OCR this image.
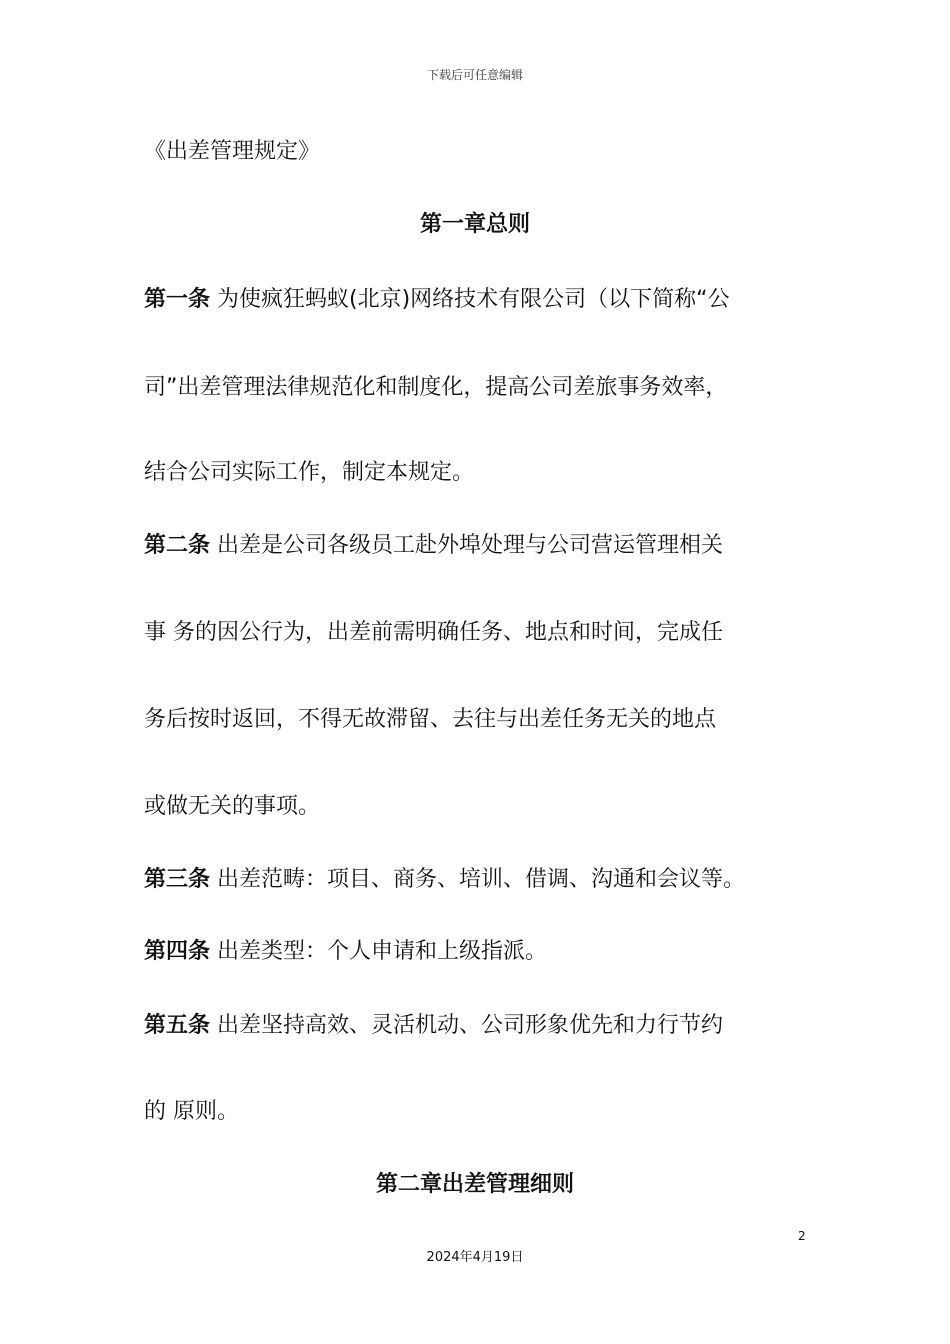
下载后可任意编辑
《出差管理规定》
第一章总则
第一条 为使疯狂蚂蚁(北京)网络技术有限公司（以下简称“公
司”出差管理法律规范化和制度化，提高公司差旅事务效率，
结合公司实际工作，制定本规定。
第二条 出差是公司各级员工赴外埠处理与公司营运管理相关
事 务的因公行为，出差前需明确任务、地点和时间，完成任
务后按时返回，不得无故滞留、去往与出差任务无关的地点
或做无关的事项。
第三条 出差范畴：项目、商务、培训、借调、沟通和会议等。
第四条 出差类型：个人申请和上级指派。
第五条 出差坚持高效、灵活机动、公司形象优先和力行节约
的 原则。
第二章出差管理细则
2
2024年4月19日
